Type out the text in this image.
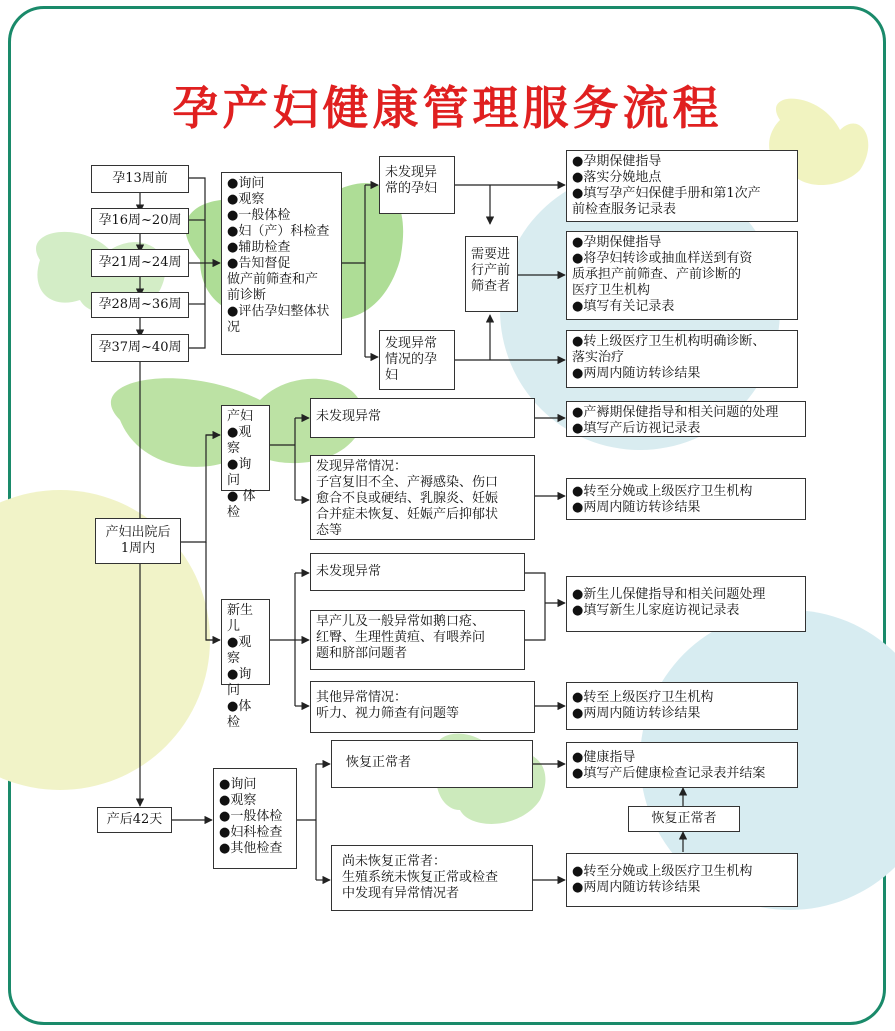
孕产妇健康管理服务流程
孕13周前
孕16周~20周
孕21周~24周
孕28周~36周
孕37周~40周
●询问
●观察
●一般体检
●妇（产）科检查
●辅助检查
●告知督促
做产前筛查和产
前诊断
●评估孕妇整体状
况
未发现异
常的孕妇
发现异常
情况的孕
妇
需要进
行产前
筛查者
●孕期保健指导
●落实分娩地点
●填写孕产妇保健手册和第1次产
前检查服务记录表
●孕期保健指导
●将孕妇转诊或抽血样送到有资
质承担产前筛查、产前诊断的
医疗卫生机构
●填写有关记录表
●转上级医疗卫生机构明确诊断、
落实治疗
●两周内随访转诊结果
产妇出院后
1周内
产妇
●观察
●询问
● 体检
未发现异常
发现异常情况：
子宫复旧不全、产褥感染、伤口
愈合不良或硬结、乳腺炎、妊娠
合并症未恢复、妊娠产后抑郁状
态等
●产褥期保健指导和相关问题的处理
●填写产后访视记录表
●转至分娩或上级医疗卫生机构
●两周内随访转诊结果
新生儿
●观察
●询问
●体检
未发现异常
早产儿及一般异常如鹅口疮、
红臀、生理性黄疸、有喂养问
题和脐部问题者
●新生儿保健指导和相关问题处理
●填写新生儿家庭访视记录表
其他异常情况：
听力、视力筛查有问题等
●转至上级医疗卫生机构
●两周内随访转诊结果
产后42天
●询问
●观察
●一般体检
●妇科检查
●其他检查
恢复正常者
尚未恢复正常者：
生殖系统未恢复正常或检查
中发现有异常情况者
●健康指导
●填写产后健康检查记录表并结案
恢复正常者
●转至分娩或上级医疗卫生机构
●两周内随访转诊结果
